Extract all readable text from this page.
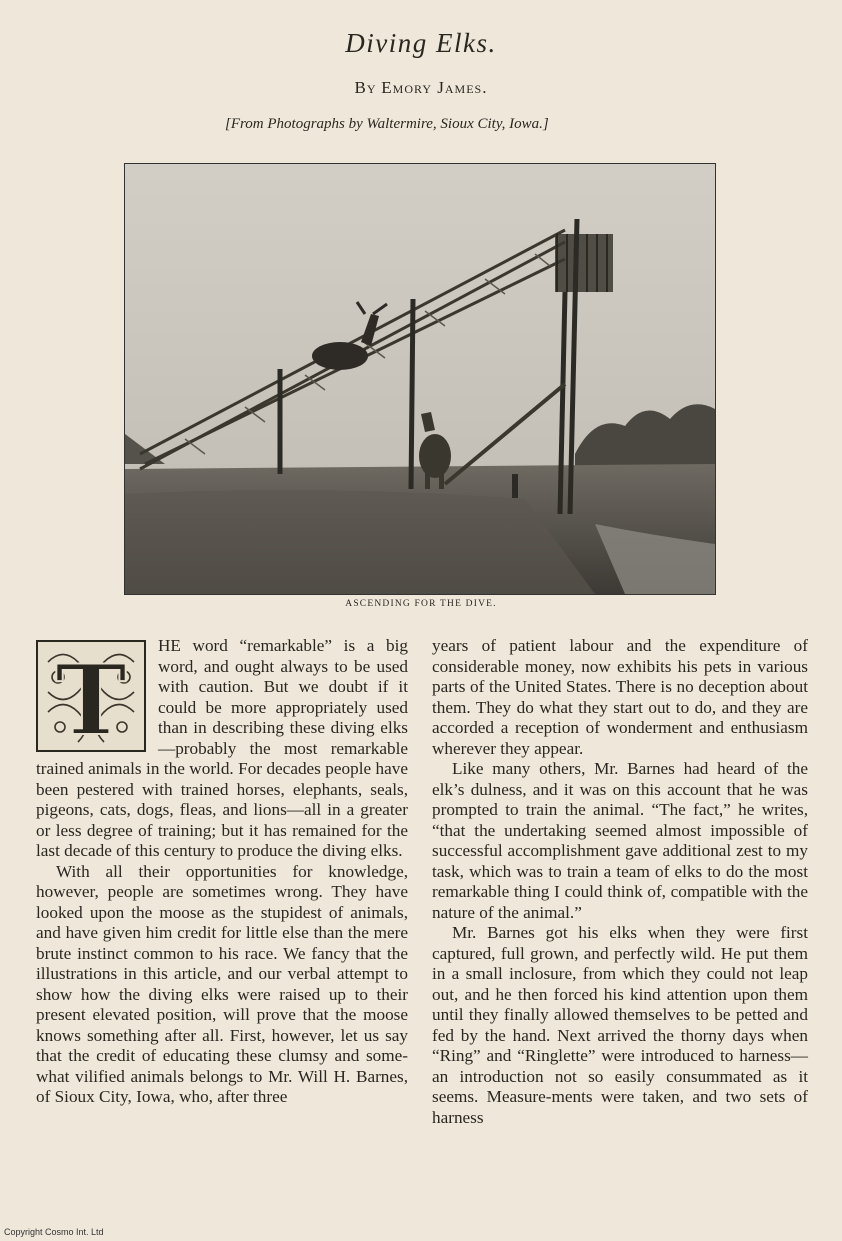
Diving Elks.
By Emory James.
[From Photographs by Waltermire, Sioux City, Iowa.]
ASCENDING FOR THE DIVE.

T HE word “remarkable” is a big word, and ought always to be used with caution. But we doubt if it could be more appropriately used than in describing these diving elks —probably the most remarkable trained animals in the world. For decades people have been pestered with trained horses, elephants, seals, pigeons, cats, dogs, fleas, and lions—all in a greater or less degree of training; but it has remained for the last decade of this century to produce the diving elks.

With all their opportunities for knowledge, however, people are sometimes wrong. They have looked upon the moose as the stupidest of animals, and have given him credit for little else than the mere brute instinct common to his race. We fancy that the illustrations in this article, and our verbal attempt to show how the diving elks were raised up to their present elevated position, will prove that the moose knows something after all. First, however, let us say that the credit of educating these clumsy and some-what vilified animals belongs to Mr. Will H. Barnes, of Sioux City, Iowa, who, after three

years of patient labour and the expenditure of considerable money, now exhibits his pets in various parts of the United States. There is no deception about them. They do what they start out to do, and they are accorded a reception of wonderment and enthusiasm wherever they appear.

Like many others, Mr. Barnes had heard of the elk’s dulness, and it was on this account that he was prompted to train the animal. “The fact,” he writes, “that the undertaking seemed almost impossible of successful accomplishment gave additional zest to my task, which was to train a team of elks to do the most remarkable thing I could think of, compatible with the nature of the animal.”

Mr. Barnes got his elks when they were first captured, full grown, and perfectly wild. He put them in a small inclosure, from which they could not leap out, and he then forced his kind attention upon them until they finally allowed themselves to be petted and fed by the hand. Next arrived the thorny days when “Ring” and “Ringlette” were introduced to harness—an introduction not so easily consummated as it seems. Measure-ments were taken, and two sets of harness

Copyright Cosmo Int. Ltd
